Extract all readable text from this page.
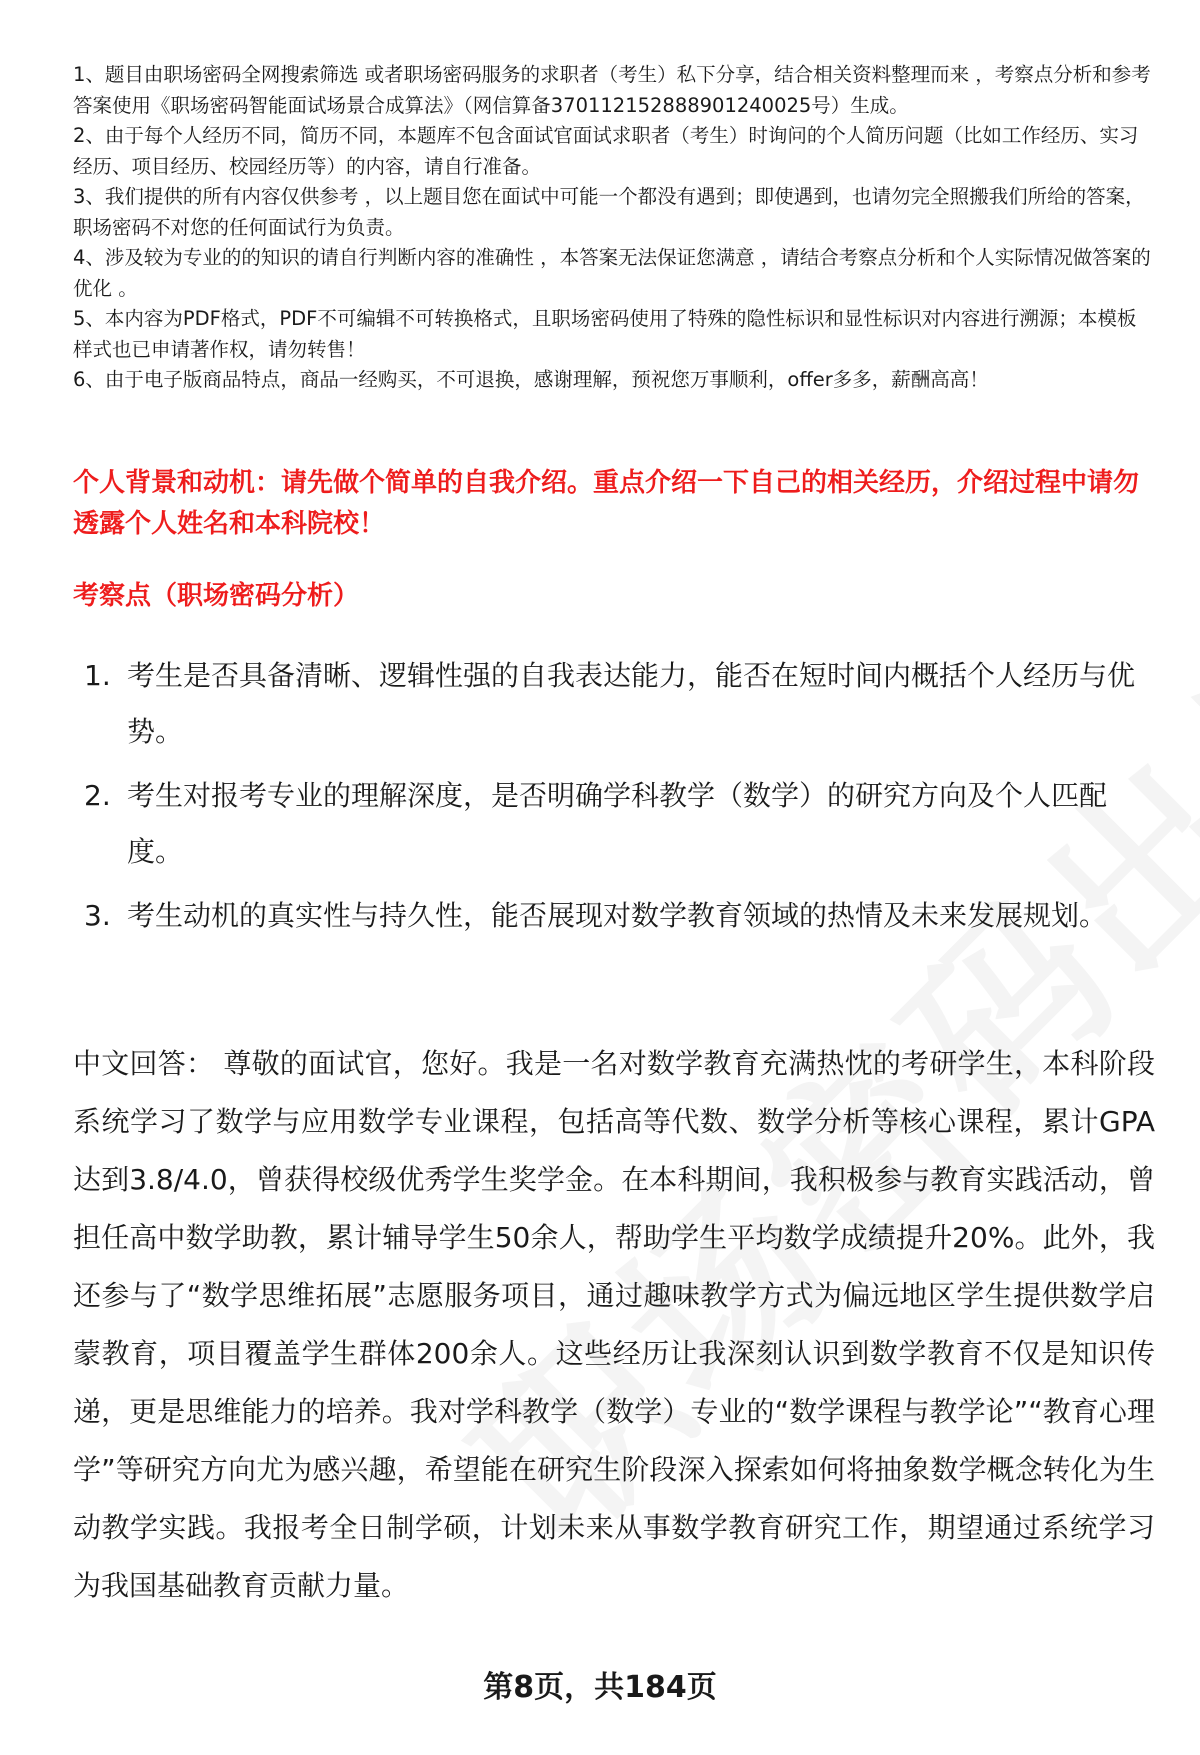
1、题目由职场密码全网搜索筛选 或者职场密码服务的求职者（考生）私下分享，结合相关资料整理而来 ，考察点分析和参考答案使用《职场密码智能面试场景合成算法》（网信算备370112152888901240025号）生成。

2、由于每个人经历不同，简历不同，本题库不包含面试官面试求职者（考生）时询问的个人简历问题（比如工作经历、实习经历、项目经历、校园经历等）的内容，请自行准备。

3、我们提供的所有内容仅供参考 ，以上题目您在面试中可能一个都没有遇到；即使遇到，也请勿完全照搬我们所给的答案，职场密码不对您的任何面试行为负责。

4、涉及较为专业的的知识的请自行判断内容的准确性 ，本答案无法保证您满意 ，请结合考察点分析和个人实际情况做答案的优化 。

5、本内容为PDF格式，PDF不可编辑不可转换格式，且职场密码使用了特殊的隐性标识和显性标识对内容进行溯源；本模板样式也已申请著作权，请勿转售！

6、由于电子版商品特点，商品一经购买，不可退换，感谢理解，预祝您万事顺利，offer多多，薪酬高高！

个人背景和动机：请先做个简单的自我介绍。重点介绍一下自己的相关经历，介绍过程中请勿透露个人姓名和本科院校！

考察点（职场密码分析）

1. 考生是否具备清晰、逻辑性强的自我表达能力，能否在短时间内概括个人经历与优势。
2. 考生对报考专业的理解深度，是否明确学科教学（数学）的研究方向及个人匹配度。
3. 考生动机的真实性与持久性，能否展现对数学教育领域的热情及未来发展规划。

中文回答： 尊敬的面试官，您好。我是一名对数学教育充满热忱的考研学生，本科阶段系统学习了数学与应用数学专业课程，包括高等代数、数学分析等核心课程，累计GPA达到3.8/4.0，曾获得校级优秀学生奖学金。在本科期间，我积极参与教育实践活动，曾担任高中数学助教，累计辅导学生50余人，帮助学生平均数学成绩提升20%。此外，我还参与了“数学思维拓展”志愿服务项目，通过趣味教学方式为偏远地区学生提供数学启蒙教育，项目覆盖学生群体200余人。这些经历让我深刻认识到数学教育不仅是知识传递，更是思维能力的培养。我对学科教学（数学）专业的“数学课程与教学论”“教育心理学”等研究方向尤为感兴趣，希望能在研究生阶段深入探索如何将抽象数学概念转化为生动教学实践。我报考全日制学硕，计划未来从事数学教育研究工作，期望通过系统学习为我国基础教育贡献力量。

第8页，共184页
